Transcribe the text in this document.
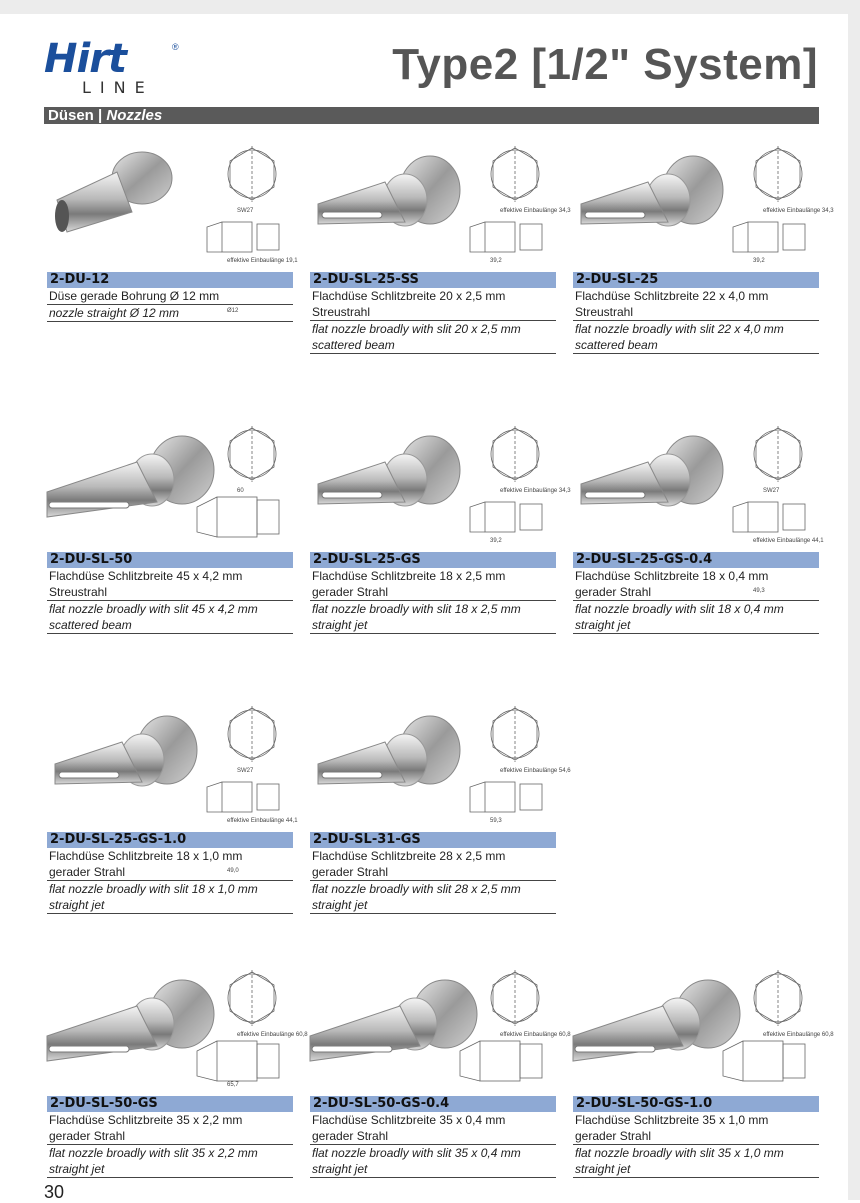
Hirt	®
LINE	Type2 [1/2" System]
Düsen | Nozzles
SW27
effektive Einbaulänge 19,1
Ø12
2-DU-12
Düse gerade Bohrung Ø 12 mm
nozzle straight Ø 12 mm
effektive Einbaulänge 34,3
39,2
2-DU-SL-25-SS
Flachdüse Schlitzbreite 20 x 2,5 mm
Streustrahl
flat nozzle broadly with slit 20 x 2,5 mm
scattered beam
effektive Einbaulänge 34,3
39,2
2-DU-SL-25
Flachdüse Schlitzbreite 22 x 4,0 mm
Streustrahl
flat nozzle broadly with slit 22 x 4,0 mm
scattered beam
60
2-DU-SL-50
Flachdüse Schlitzbreite 45 x 4,2 mm
Streustrahl
flat nozzle broadly with slit 45 x 4,2 mm
scattered beam
effektive Einbaulänge 34,3
39,2
2-DU-SL-25-GS
Flachdüse Schlitzbreite 18 x 2,5 mm
gerader Strahl
flat nozzle broadly with slit 18 x 2,5 mm
straight jet
SW27
effektive Einbaulänge 44,1
49,3
2-DU-SL-25-GS-0.4
Flachdüse Schlitzbreite 18 x 0,4 mm
gerader Strahl
flat nozzle broadly with slit 18 x 0,4 mm
straight jet
SW27
effektive Einbaulänge 44,1
49,0
2-DU-SL-25-GS-1.0
Flachdüse Schlitzbreite 18 x 1,0 mm
gerader Strahl
flat nozzle broadly with slit 18 x 1,0 mm
straight jet
effektive Einbaulänge 54,6
59,3
2-DU-SL-31-GS
Flachdüse Schlitzbreite 28 x 2,5 mm
gerader Strahl
flat nozzle broadly with slit 28 x 2,5 mm
straight jet
effektive Einbaulänge 60,8
65,7
2-DU-SL-50-GS
Flachdüse Schlitzbreite 35 x 2,2 mm
gerader Strahl
flat nozzle broadly with slit 35 x 2,2 mm
straight jet
effektive Einbaulänge 60,8
2-DU-SL-50-GS-0.4
Flachdüse Schlitzbreite 35 x 0,4 mm
gerader Strahl
flat nozzle broadly with slit 35 x 0,4 mm
straight jet
effektive Einbaulänge 60,8
2-DU-SL-50-GS-1.0
Flachdüse Schlitzbreite 35 x 1,0 mm
gerader Strahl
flat nozzle broadly with slit 35 x 1,0 mm
straight jet
30
